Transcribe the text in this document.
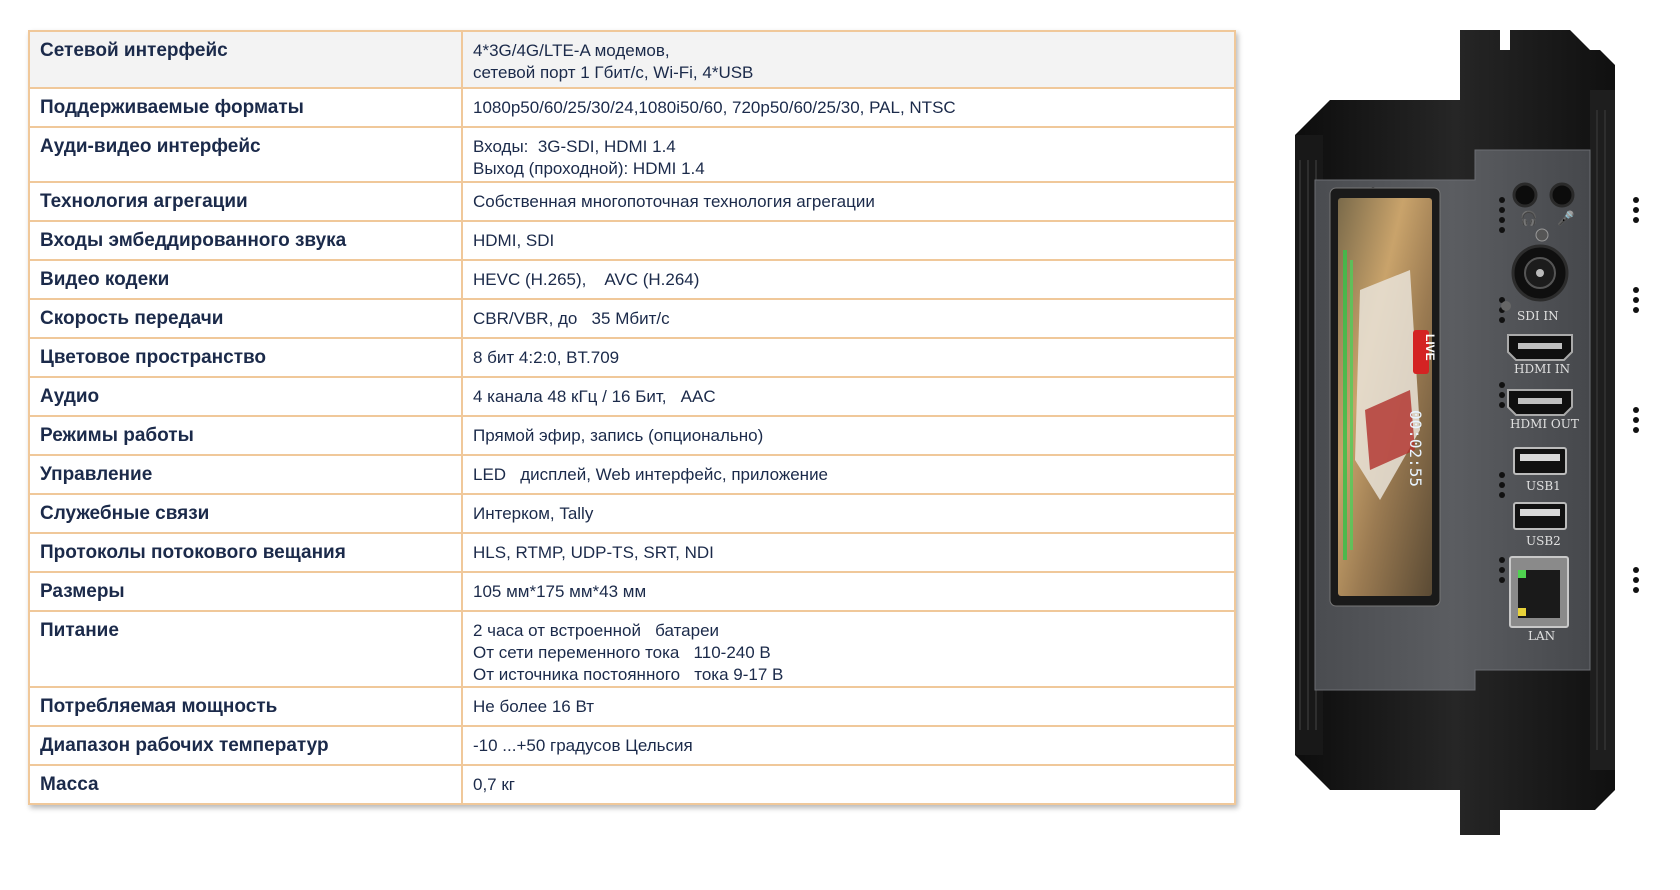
Сетевой интерфейс	4*3G/4G/LTE-A модемов,
сетевой порт 1 Гбит/с, Wi-Fi, 4*USB

Поддерживаемые форматы	1080p50/60/25/30/24,1080i50/60, 720p50/60/25/30, PAL, NTSC

Ауди-видео интерфейс	Входы:  3G-SDI, HDMI 1.4
Выход (проходной): HDMI 1.4

Технология агрегации	Собственная многопоточная технология агрегации

Входы эмбеддированного звука	HDMI, SDI

Видео кодеки	HEVC (H.265),    AVC (H.264)

Скорость передачи	CBR/VBR, до   35 Мбит/с

Цветовое пространство	8 бит 4:2:0, BT.709

Аудио	4 канала 48 кГц / 16 Бит,   AAC

Режимы работы	Прямой эфир, запись (опционально)

Управление	LED   дисплей, Web интерфейс, приложение

Служебные связи	Интерком, Tally

Протоколы потокового вещания	HLS, RTMP, UDP-TS, SRT, NDI

Размеры	105 мм*175 мм*43 мм

Питание	2 часа от встроенной   батареи
От сети переменного тока   110-240 В
От источника постоянного   тока 9-17 В

Потребляемая мощность	Не более 16 Вт

Диапазон рабочих температур	-10 ...+50 градусов Цельсия

Масса	0,7 кг
LIVE
00:02:55
🎧 🎤
SDI IN
HDMI IN
HDMI OUT
USB1
USB2
LAN
